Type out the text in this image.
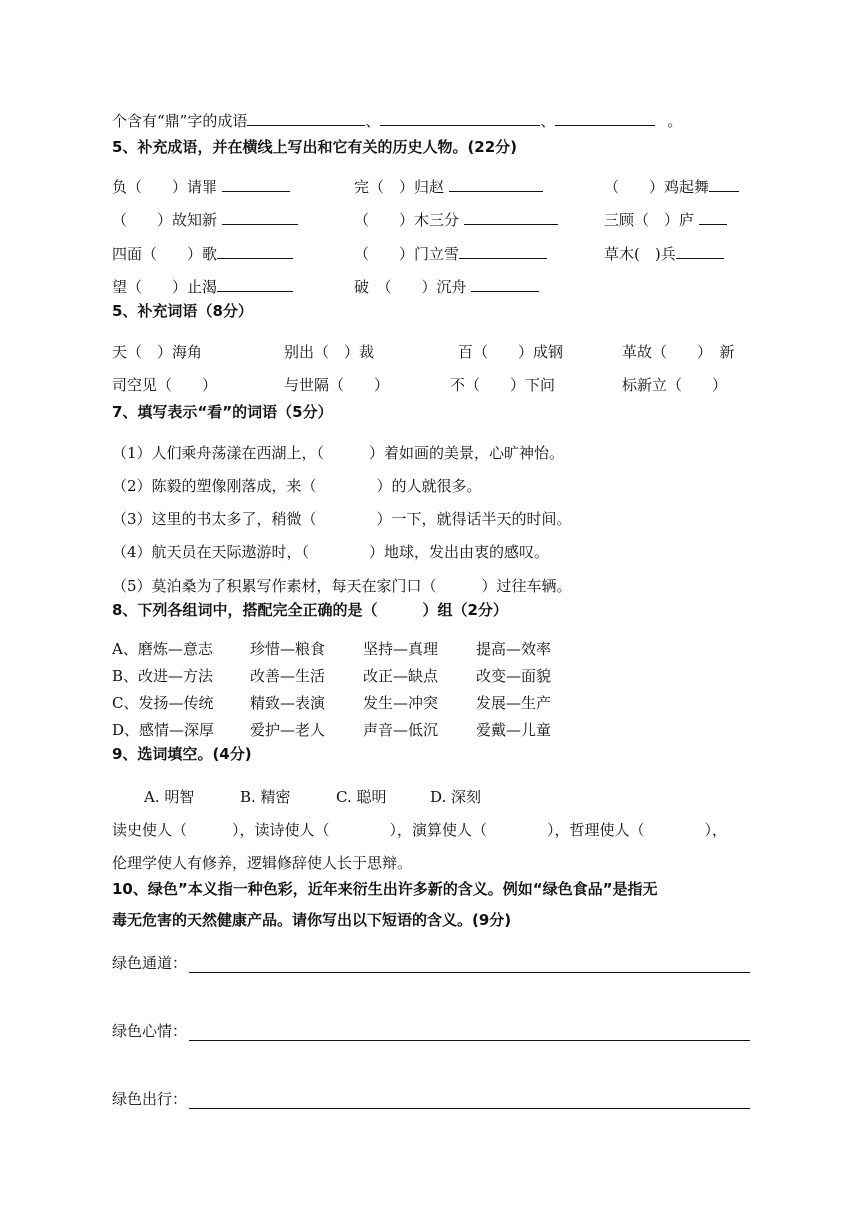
个含有“鼎”字的成语	、	、	。
5、补充成语，并在横线上写出和它有关的历史人物。(22分)
负（　　）请罪	完（　）归赵	（　　）鸡起舞
（　　）故知新	（　　）木三分	三顾（　）庐
四面（　　）歌	（　　）门立雪	草木(　)兵
望（　　）止渴	破　（　　）沉舟
5、补充词语（8分）
天（　）海角	别出（　）裁	百（　　）成钢	革故（　　）　新
司空见（　　）	与世隔（　　）	不（　　）下问	标新立（　　）
7、填写表示“看”的词语（5分）
（1）人们乘舟荡漾在西湖上，（　　　）着如画的美景，心旷神怡。
（2）陈毅的塑像刚落成，来（　　　　）的人就很多。
（3）这里的书太多了，稍微（　　　　）一下，就得话半天的时间。
（4）航天员在天际遨游时，（　　　　）地球，发出由衷的感叹。
（5）莫泊桑为了积累写作素材，每天在家门口（　　　）过往车辆。
8、下列各组词中，搭配完全正确的是（　　　）组（2分）
A、磨炼—意志 珍惜—粮食	坚持—真理	提高—效率
B、改进—方法 改善—生活	改正—缺点	改变—面貌
C、发扬—传统 精致—表演	发生—冲突	发展—生产
D、感情—深厚 爱护—老人	声音—低沉	爱戴—儿童
9、选词填空。(4分)
A. 明智	B. 精密	C. 聪明	D. 深刻
读史使人（　　　），读诗使人（　　　　），演算使人（　　　　），哲理使人（　　　　），
伦理学使人有修养，逻辑修辞使人长于思辩。
10、绿色”本义指一种色彩，近年来衍生出许多新的含义。例如“绿色食品”是指无
毒无危害的天然健康产品。请你写出以下短语的含义。(9分)
绿色通道：
绿色心情：
绿色出行：
